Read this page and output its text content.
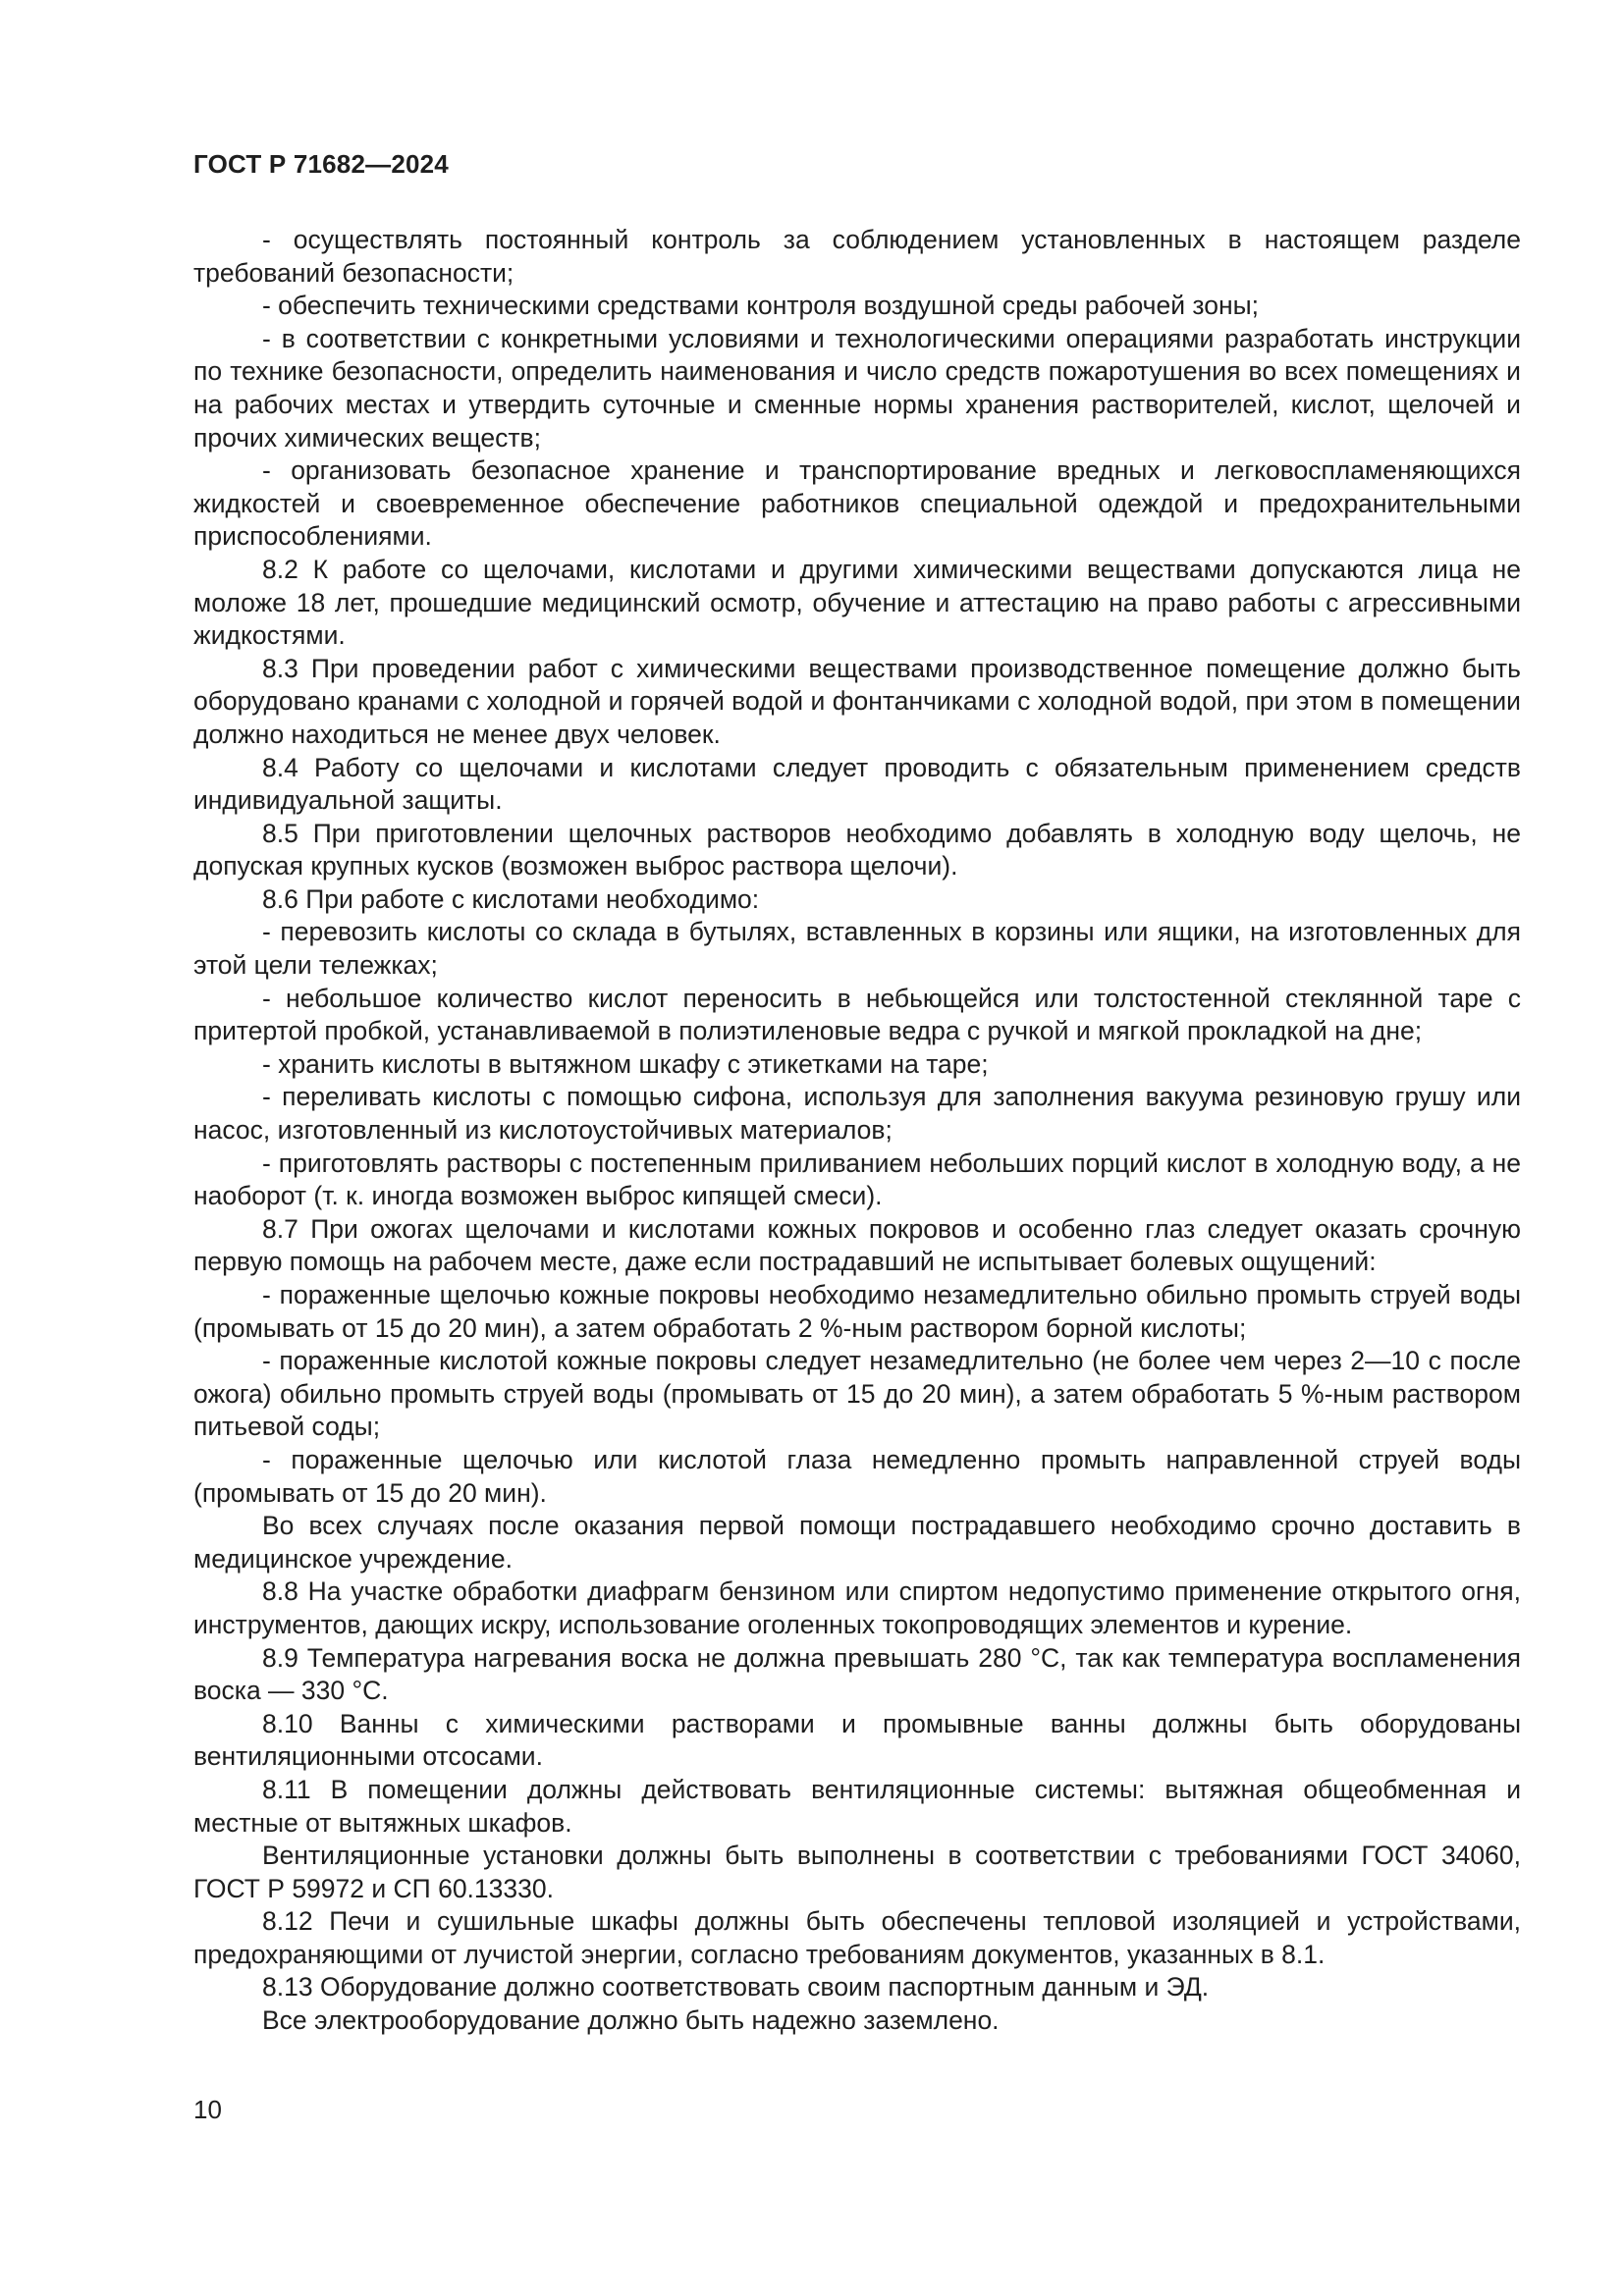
ГОСТ Р 71682—2024

- осуществлять постоянный контроль за соблюдением установленных в настоящем разделе требований безопасности;

- обеспечить техническими средствами контроля воздушной среды рабочей зоны;

- в соответствии с конкретными условиями и технологическими операциями разработать инструкции по технике безопасности, определить наименования и число средств пожаротушения во всех помещениях и на рабочих местах и утвердить суточные и сменные нормы хранения растворителей, кислот, щелочей и прочих химических веществ;

- организовать безопасное хранение и транспортирование вредных и легковоспламеняющихся жидкостей и своевременное обеспечение работников специальной одеждой и предохранительными приспособлениями.

8.2 К работе со щелочами, кислотами и другими химическими веществами допускаются лица не моложе 18 лет, прошедшие медицинский осмотр, обучение и аттестацию на право работы с агрессивными жидкостями.

8.3 При проведении работ с химическими веществами производственное помещение должно быть оборудовано кранами с холодной и горячей водой и фонтанчиками с холодной водой, при этом в помещении должно находиться не менее двух человек.

8.4 Работу со щелочами и кислотами следует проводить с обязательным применением средств индивидуальной защиты.

8.5 При приготовлении щелочных растворов необходимо добавлять в холодную воду щелочь, не допуская крупных кусков (возможен выброс раствора щелочи).

8.6 При работе с кислотами необходимо:

- перевозить кислоты со склада в бутылях, вставленных в корзины или ящики, на изготовленных для этой цели тележках;

- небольшое количество кислот переносить в небьющейся или толстостенной стеклянной таре с притертой пробкой, устанавливаемой в полиэтиленовые ведра с ручкой и мягкой прокладкой на дне;

- хранить кислоты в вытяжном шкафу с этикетками на таре;

- переливать кислоты с помощью сифона, используя для заполнения вакуума резиновую грушу или насос, изготовленный из кислотоустойчивых материалов;

- приготовлять растворы с постепенным приливанием небольших порций кислот в холодную воду, а не наоборот (т. к. иногда возможен выброс кипящей смеси).

8.7 При ожогах щелочами и кислотами кожных покровов и особенно глаз следует оказать срочную первую помощь на рабочем месте, даже если пострадавший не испытывает болевых ощущений:

- пораженные щелочью кожные покровы необходимо незамедлительно обильно промыть струей воды (промывать от 15 до 20 мин), а затем обработать 2 %-ным раствором борной кислоты;

- пораженные кислотой кожные покровы следует незамедлительно (не более чем через 2—10 с после ожога) обильно промыть струей воды (промывать от 15 до 20 мин), а затем обработать 5 %-ным раствором питьевой соды;

- пораженные щелочью или кислотой глаза немедленно промыть направленной струей воды (промывать от 15 до 20 мин).

Во всех случаях после оказания первой помощи пострадавшего необходимо срочно доставить в медицинское учреждение.

8.8 На участке обработки диафрагм бензином или спиртом недопустимо применение открытого огня, инструментов, дающих искру, использование оголенных токопроводящих элементов и курение.

8.9 Температура нагревания воска не должна превышать 280 °C, так как температура воспламенения воска — 330 °C.

8.10 Ванны с химическими растворами и промывные ванны должны быть оборудованы вентиляционными отсосами.

8.11 В помещении должны действовать вентиляционные системы: вытяжная общеобменная и местные от вытяжных шкафов.

Вентиляционные установки должны быть выполнены в соответствии с требованиями ГОСТ 34060, ГОСТ Р 59972 и СП 60.13330.

8.12 Печи и сушильные шкафы должны быть обеспечены тепловой изоляцией и устройствами, предохраняющими от лучистой энергии, согласно требованиям документов, указанных в 8.1.

8.13 Оборудование должно соответствовать своим паспортным данным и ЭД.

Все электрооборудование должно быть надежно заземлено.

10
